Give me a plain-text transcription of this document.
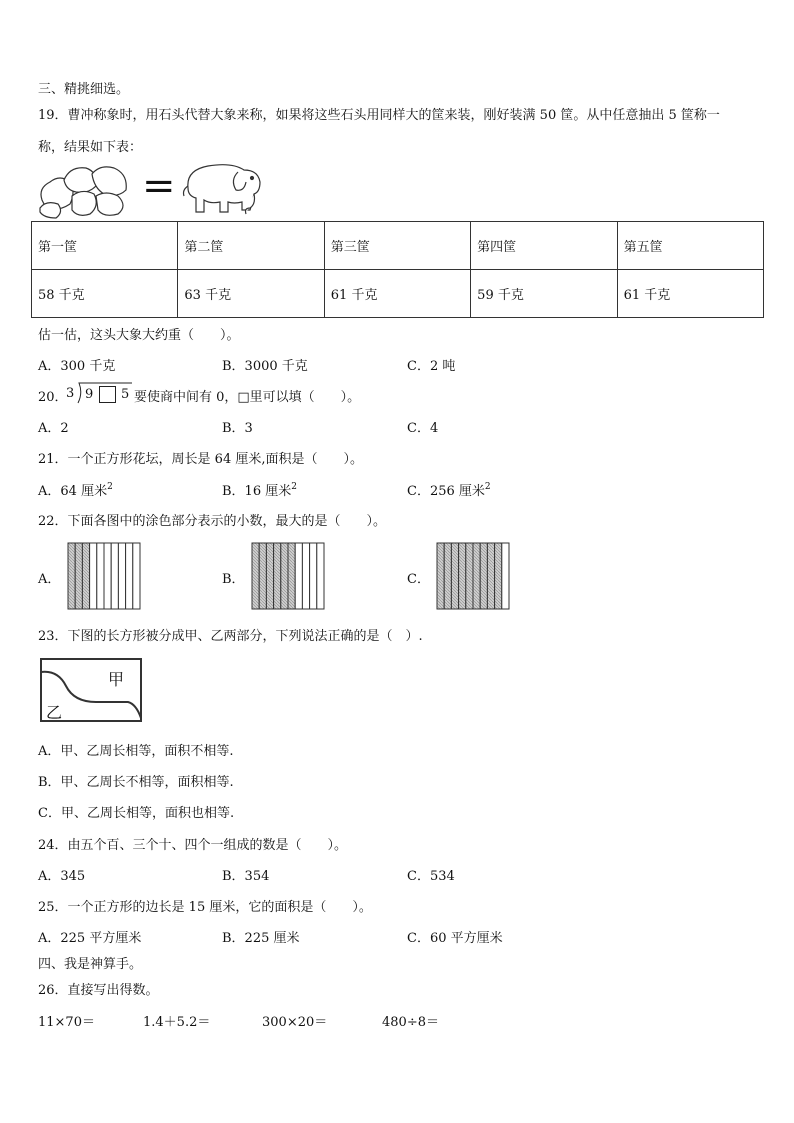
三、精挑细选。
19．曹冲称象时，用石头代替大象来称，如果将这些石头用同样大的筐来装，刚好装满 50 筐。从中任意抽出 5 筐称一
称，结果如下表：
=
第一筐	第二筐	第三筐	第四筐	第五筐
58 千克	63 千克	61 千克	59 千克	61 千克
估一估，这头大象大约重（　　）。
A．300 千克	B．3000 千克	C．2 吨
20．
3 9 5 要使商中间有 0，□里可以填（　　）。
A．2	B．3	C．4
21．一个正方形花坛，周长是 64 厘米,面积是（　　）。
A．64 厘米$^2$	B．16 厘米$^2$	C．256 厘米$^2$
22．下面各图中的涂色部分表示的小数，最大的是（　　）。
A．	B．	C．
23．下图的长方形被分成甲、乙两部分，下列说法正确的是（　）.
甲
乙
A．甲、乙周长相等，面积不相等.
B．甲、乙周长不相等，面积相等.
C．甲、乙周长相等，面积也相等.
24．由五个百、三个十、四个一组成的数是（　　）。
A．345	B．354	C．534
25．一个正方形的边长是 15 厘米，它的面积是（　　）。
A．225 平方厘米	B．225 厘米	C．60 平方厘米
四、我是神算手。
26．直接写出得数。
11×70＝	1.4＋5.2＝	300×20＝	480÷8＝
